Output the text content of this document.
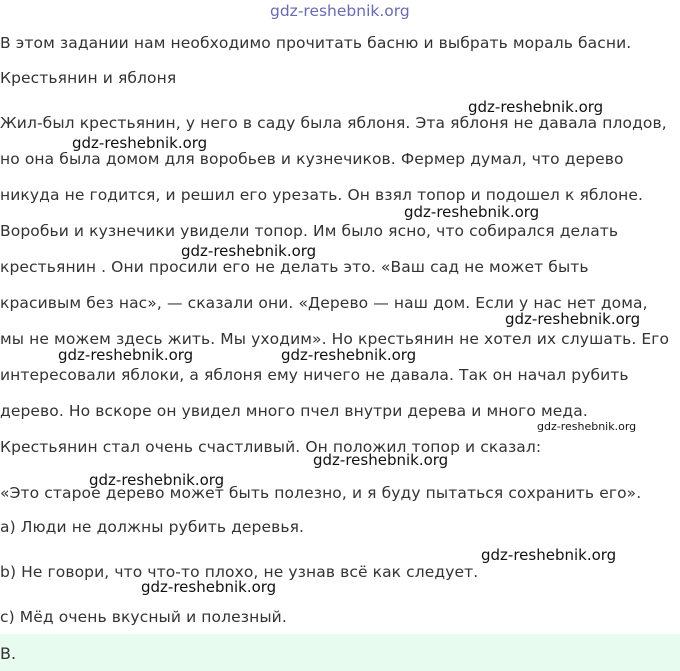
gdz-reshebnik.org
gdz-reshebnik.org
gdz-reshebnik.org
gdz-reshebnik.org
gdz-reshebnik.org
gdz-reshebnik.org
gdz-reshebnik.org	gdz-reshebnik.org
gdz-reshebnik.org
gdz-reshebnik.org
gdz-reshebnik.org
gdz-reshebnik.org
gdz-reshebnik.org
В этом задании нам необходимо прочитать басню и выбрать мораль басни.
Крестьянин и яблоня
Жил-был крестьянин, у него в саду была яблоня. Эта яблоня не давала плодов,
но она была домом для воробьев и кузнечиков. Фермер думал, что дерево
никуда не годится, и решил его урезать. Он взял топор и подошел к яблоне.
Воробьи и кузнечики увидели топор. Им было ясно, что собирался делать
крестьянин . Они просили его не делать это. «Ваш сад не может быть
красивым без нас», — сказали они. «Дерево — наш дом. Если у нас нет дома,
мы не можем здесь жить. Мы уходим». Но крестьянин не хотел их слушать. Его
интересовали яблоки, а яблоня ему ничего не давала. Так он начал рубить
дерево. Но вскоре он увидел много пчел внутри дерева и много меда.
Крестьянин стал очень счастливый. Он положил топор и сказал:
«Это старое дерево может быть полезно, и я буду пытаться сохранить его».
a) Люди не должны рубить деревья.
b) Не говори, что что-то плохо, не узнав всё как следует.
c) Мёд очень вкусный и полезный.
В.
